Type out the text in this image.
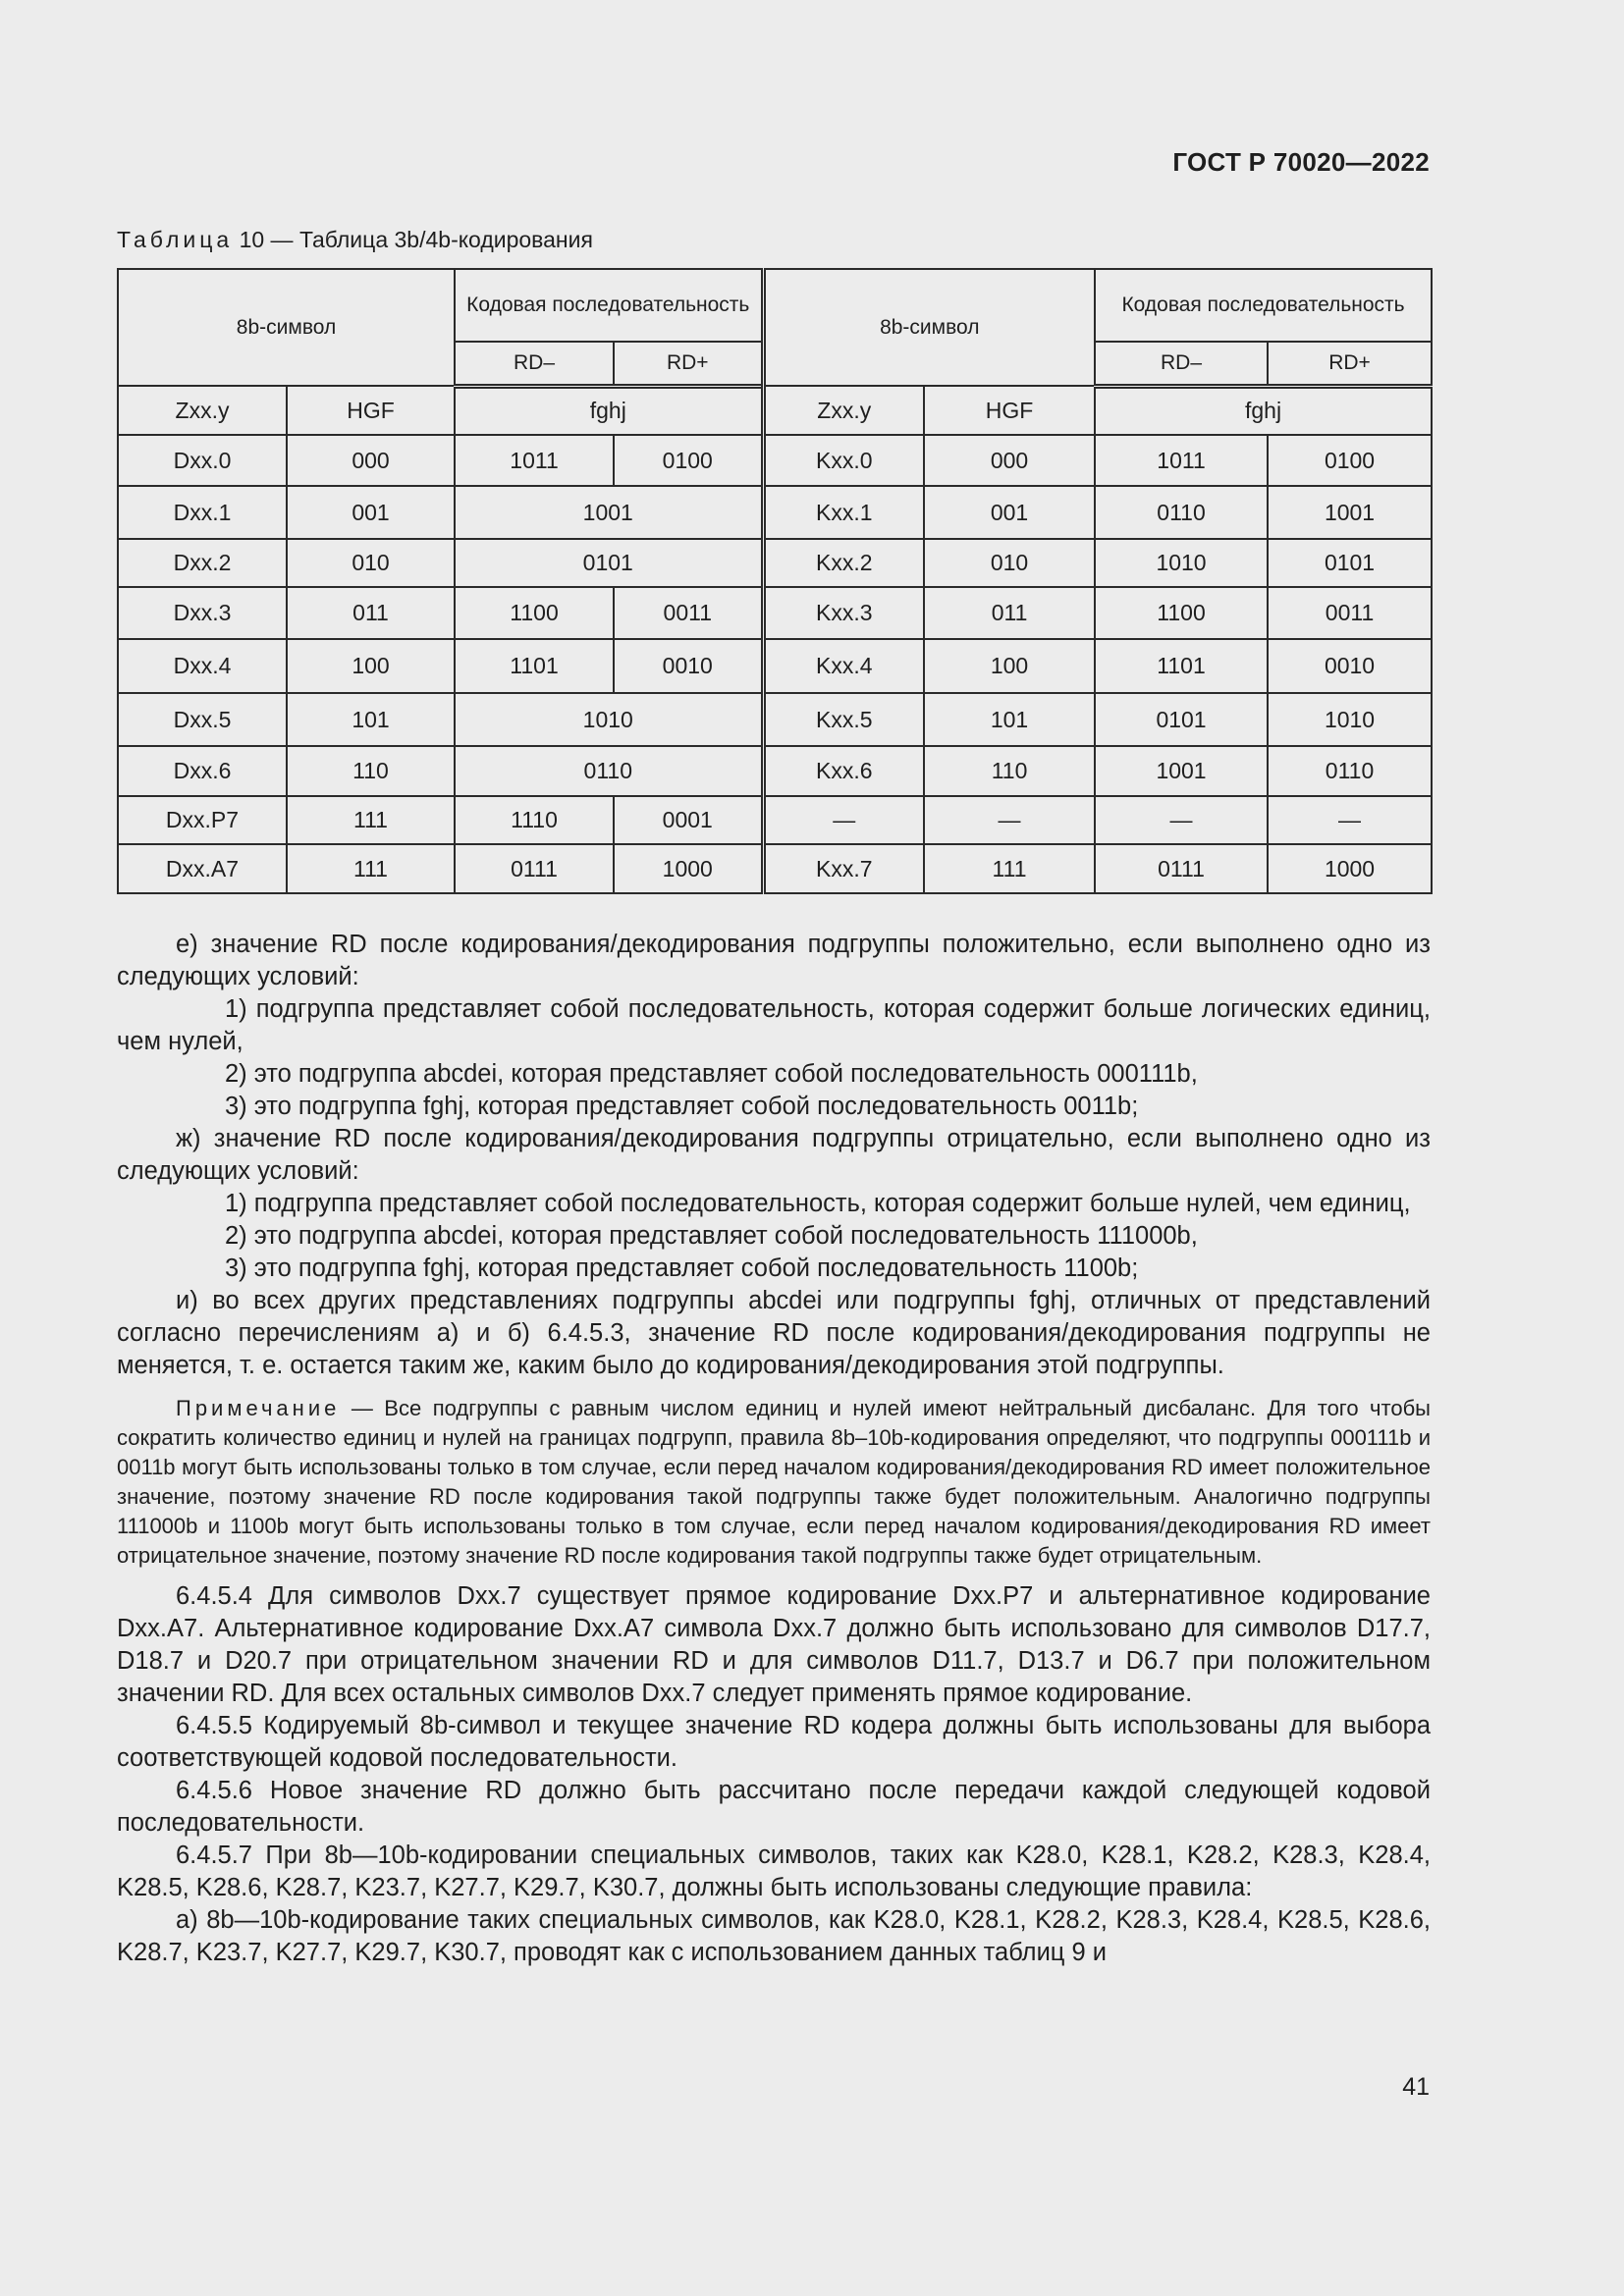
ГОСТ Р 70020—2022
Таблица 10 — Таблица 3b/4b-кодирования
8b-символ		Кодовая последовательность		8b-символ		Кодовая последовательность	
		RD–	RD+			RD–	RD+
Zxx.y	HGF	fghj		Zxx.y	HGF	fghj	
Dxx.0	000	1011	0100	Kxx.0	000	1011	0100
Dxx.1	001	1001		Kxx.1	001	0110	1001
Dxx.2	010	0101		Kxx.2	010	1010	0101
Dxx.3	011	1100	0011	Kxx.3	011	1100	0011
Dxx.4	100	1101	0010	Kxx.4	100	1101	0010
Dxx.5	101	1010		Kxx.5	101	0101	1010
Dxx.6	110	0110		Kxx.6	110	1001	0110
Dxx.P7	111	1110	0001	—	—	—	—
Dxx.A7	111	0111	1000	Kxx.7	111	0111	1000

е) значение RD после кодирования/декодирования подгруппы положительно, если выполнено одно из следующих условий:

1) подгруппа представляет собой последовательность, которая содержит больше логических единиц, чем нулей,

2) это подгруппа abcdei, которая представляет собой последовательность 000111b,

3) это подгруппа fghj, которая представляет собой последовательность 0011b;

ж) значение RD после кодирования/декодирования подгруппы отрицательно, если выполнено одно из следующих условий:

1) подгруппа представляет собой последовательность, которая содержит больше нулей, чем единиц,

2) это подгруппа abcdei, которая представляет собой последовательность 111000b,

3) это подгруппа fghj, которая представляет собой последовательность 1100b;

и) во всех других представлениях подгруппы abcdei или подгруппы fghj, отличных от представлений согласно перечислениям а) и б) 6.4.5.3, значение RD после кодирования/декодирования подгруппы не меняется, т. е. остается таким же, каким было до кодирования/декодирования этой подгруппы.

Примечание — Все подгруппы с равным числом единиц и нулей имеют нейтральный дисбаланс. Для того чтобы сократить количество единиц и нулей на границах подгрупп, правила 8b–10b-кодирования определяют, что подгруппы 000111b и 0011b могут быть использованы только в том случае, если перед началом кодирования/декодирования RD имеет положительное значение, поэтому значение RD после кодирования такой подгруппы также будет положительным. Аналогично подгруппы 111000b и 1100b могут быть использованы только в том случае, если перед началом кодирования/декодирования RD имеет отрицательное значение, поэтому значение RD после кодирования такой подгруппы также будет отрицательным.

6.4.5.4 Для символов Dxx.7 существует прямое кодирование Dxx.P7 и альтернативное кодирование Dxx.A7. Альтернативное кодирование Dxx.A7 символа Dxx.7 должно быть использовано для символов D17.7, D18.7 и D20.7 при отрицательном значении RD и для символов D11.7, D13.7 и D6.7 при положительном значении RD. Для всех остальных символов Dxx.7 следует применять прямое кодирование.

6.4.5.5 Кодируемый 8b-символ и текущее значение RD кодера должны быть использованы для выбора соответствующей кодовой последовательности.

6.4.5.6 Новое значение RD должно быть рассчитано после передачи каждой следующей кодовой последовательности.

6.4.5.7 При 8b—10b-кодировании специальных символов, таких как K28.0, K28.1, K28.2, K28.3, K28.4, K28.5, K28.6, K28.7, K23.7, K27.7, K29.7, K30.7, должны быть использованы следующие правила:

а) 8b—10b-кодирование таких специальных символов, как K28.0, K28.1, K28.2, K28.3, K28.4, K28.5, K28.6, K28.7, K23.7, K27.7, K29.7, K30.7, проводят как с использованием данных таблиц 9 и

41
